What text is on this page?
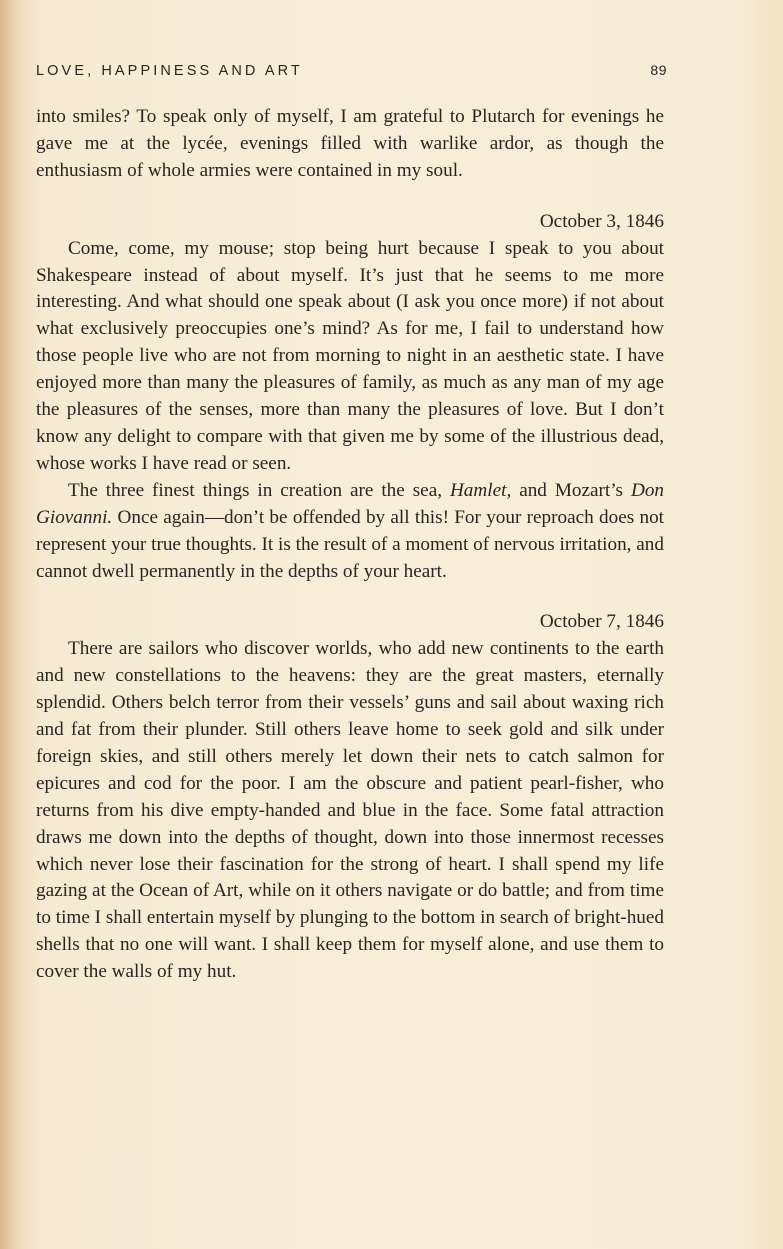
LOVE, HAPPINESS AND ART	89

into smiles? To speak only of myself, I am grateful to Plutarch for evenings he gave me at the lycée, evenings filled with warlike ardor, as though the enthusiasm of whole armies were contained in my soul.

October 3, 1846

Come, come, my mouse; stop being hurt because I speak to you about Shakespeare instead of about myself. It’s just that he seems to me more interesting. And what should one speak about (I ask you once more) if not about what exclusively preoccupies one’s mind? As for me, I fail to understand how those people live who are not from morning to night in an aesthetic state. I have enjoyed more than many the pleasures of family, as much as any man of my age the pleasures of the senses, more than many the pleasures of love. But I don’t know any delight to compare with that given me by some of the illustrious dead, whose works I have read or seen.

The three finest things in creation are the sea, Hamlet, and Mozart’s Don Giovanni. Once again—don’t be offended by all this! For your reproach does not represent your true thoughts. It is the result of a moment of nervous irritation, and cannot dwell permanently in the depths of your heart.

October 7, 1846

There are sailors who discover worlds, who add new continents to the earth and new constellations to the heavens: they are the great masters, eternally splendid. Others belch terror from their vessels’ guns and sail about waxing rich and fat from their plunder. Still others leave home to seek gold and silk under foreign skies, and still others merely let down their nets to catch salmon for epicures and cod for the poor. I am the obscure and patient pearl-fisher, who returns from his dive empty-handed and blue in the face. Some fatal attraction draws me down into the depths of thought, down into those innermost recesses which never lose their fascination for the strong of heart. I shall spend my life gazing at the Ocean of Art, while on it others navigate or do battle; and from time to time I shall entertain myself by plunging to the bottom in search of bright-hued shells that no one will want. I shall keep them for myself alone, and use them to cover the walls of my hut.
